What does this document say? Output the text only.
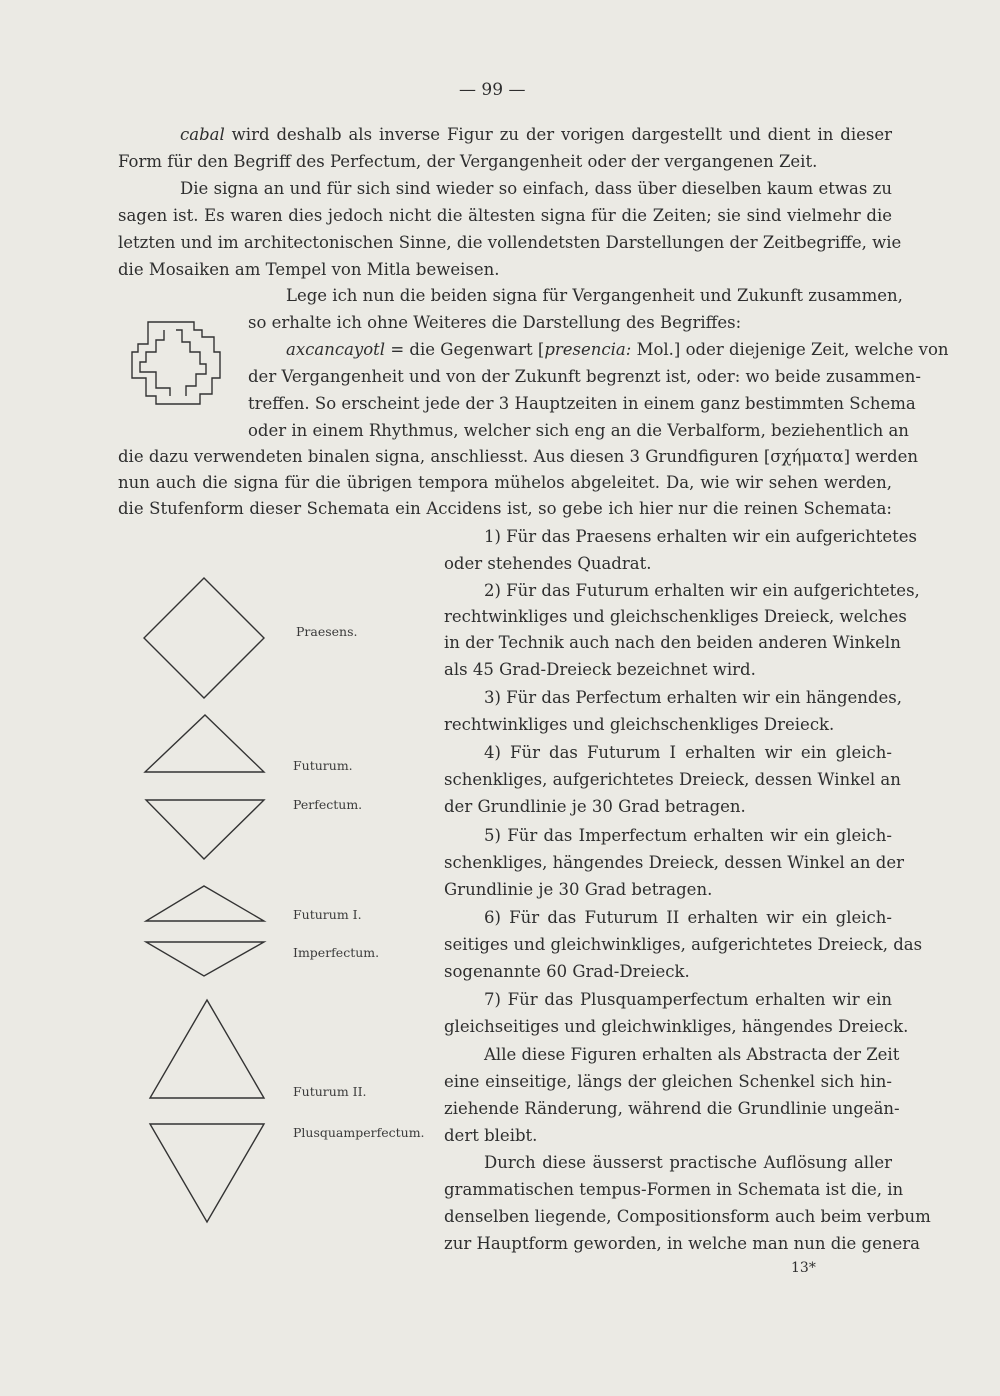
— 99 —
cabal wird deshalb als inverse Figur zu der vorigen dargestellt und dient in dieser
Form für den Begriff des Perfectum, der Vergangenheit oder der vergangenen Zeit.
Die signa an und für sich sind wieder so einfach, dass über dieselben kaum etwas zu
sagen ist. Es waren dies jedoch nicht die ältesten signa für die Zeiten; sie sind vielmehr die
letzten und im architectonischen Sinne, die vollendetsten Darstellungen der Zeitbegriffe, wie
die Mosaiken am Tempel von Mitla beweisen.
Lege ich nun die beiden signa für Vergangenheit und Zukunft zusammen,
so erhalte ich ohne Weiteres die Darstellung des Begriffes:
axcancayotl = die Gegenwart [presencia: Mol.] oder diejenige Zeit, welche von
der Vergangenheit und von der Zukunft begrenzt ist, oder: wo beide zusammen-
treffen. So erscheint jede der 3 Hauptzeiten in einem ganz bestimmten Schema
oder in einem Rhythmus, welcher sich eng an die Verbalform, beziehentlich an
die dazu verwendeten binalen signa, anschliesst. Aus diesen 3 Grundfiguren [σχήματα] werden
nun auch die signa für die übrigen tempora mühelos abgeleitet. Da, wie wir sehen werden,
die Stufenform dieser Schemata ein Accidens ist, so gebe ich hier nur die reinen Schemata:
1) Für das Praesens erhalten wir ein aufgerichtetes
oder stehendes Quadrat.
2) Für das Futurum erhalten wir ein aufgerichtetes,
rechtwinkliges und gleichschenkliges Dreieck, welches
in der Technik auch nach den beiden anderen Winkeln
als 45 Grad-Dreieck bezeichnet wird.
3) Für das Perfectum erhalten wir ein hängendes,
rechtwinkliges und gleichschenkliges Dreieck.
4) Für das Futurum I erhalten wir ein gleich-
schenkliges, aufgerichtetes Dreieck, dessen Winkel an
der Grundlinie je 30 Grad betragen.
5) Für das Imperfectum erhalten wir ein gleich-
schenkliges, hängendes Dreieck, dessen Winkel an der
Grundlinie je 30 Grad betragen.
6) Für das Futurum II erhalten wir ein gleich-
seitiges und gleichwinkliges, aufgerichtetes Dreieck, das
sogenannte 60 Grad-Dreieck.
7) Für das Plusquamperfectum erhalten wir ein
gleichseitiges und gleichwinkliges, hängendes Dreieck.
Alle diese Figuren erhalten als Abstracta der Zeit
eine einseitige, längs der gleichen Schenkel sich hin-
ziehende Ränderung, während die Grundlinie ungeän-
dert bleibt.
Durch diese äusserst practische Auflösung aller
grammatischen tempus-Formen in Schemata ist die, in
denselben liegende, Compositionsform auch beim verbum
zur Hauptform geworden, in welche man nun die genera
13*
Praesens.
Futurum.
Perfectum.
Futurum I.
Imperfectum.
Futurum II.
Plusquamperfectum.
